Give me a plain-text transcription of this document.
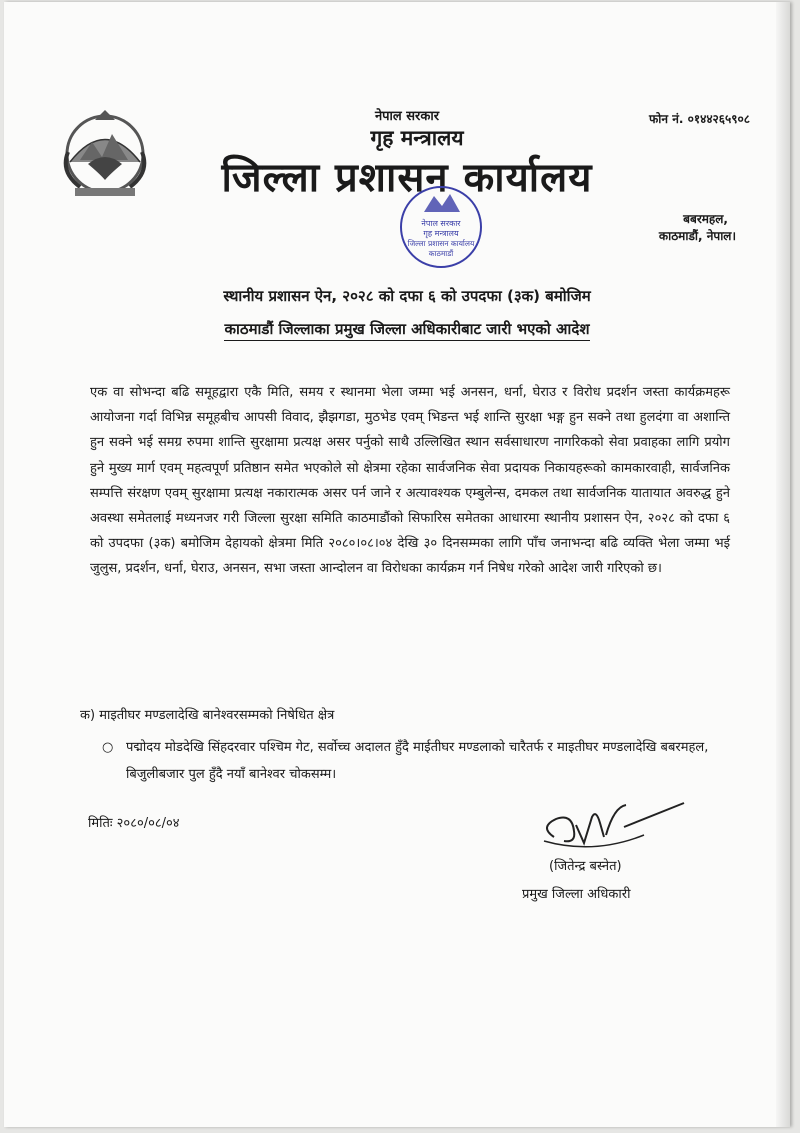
नेपाल सरकार	फोन नं. ०१४४२६५९०८
गृह मन्त्रालय
जिल्ला प्रशासन कार्यालय
बबरमहल,
काठमाडौं, नेपाल।
नेपाल सरकार
गृह मन्त्रालय
जिल्ला प्रशासन कार्यालय
काठमाडौं
स्थानीय प्रशासन ऐन, २०२८ को दफा ६ को उपदफा (३क) बमोजिम
काठमाडौं जिल्लाका प्रमुख जिल्ला अधिकारीबाट जारी भएको आदेश
एक वा सोभन्दा बढि समूहद्वारा एकै मिति, समय र स्थानमा भेला जम्मा भई अनसन, धर्ना, घेराउ र विरोध प्रदर्शन जस्ता कार्यक्रमहरू आयोजना गर्दा विभिन्न समूहबीच आपसी विवाद, झैझगडा, मुठभेड एवम् भिडन्त भई शान्ति सुरक्षा भङ्ग हुन सक्ने तथा हुलदंगा वा अशान्ति हुन सक्ने भई समग्र रुपमा शान्ति सुरक्षामा प्रत्यक्ष असर पर्नुको साथै उल्लिखित स्थान सर्वसाधारण नागरिकको सेवा प्रवाहका लागि प्रयोग हुने मुख्य मार्ग एवम् महत्वपूर्ण प्रतिष्ठान समेत भएकोले सो क्षेत्रमा रहेका सार्वजनिक सेवा प्रदायक निकायहरूको कामकारवाही, सार्वजनिक सम्पत्ति संरक्षण एवम् सुरक्षामा प्रत्यक्ष नकारात्मक असर पर्न जाने र अत्यावश्यक एम्बुलेन्स, दमकल तथा सार्वजनिक यातायात अवरुद्ध हुने अवस्था समेतलाई मध्यनजर गरी जिल्ला सुरक्षा समिति काठमाडौंको सिफारिस समेतका आधारमा स्थानीय प्रशासन ऐन, २०२८ को दफा ६ को उपदफा (३क) बमोजिम देहायको क्षेत्रमा मिति २०८०।०८।०४ देखि ३० दिनसम्मका लागि पाँच जनाभन्दा बढि व्यक्ति भेला जम्मा भई जुलुस, प्रदर्शन, धर्ना, घेराउ, अनसन, सभा जस्ता आन्दोलन वा विरोधका कार्यक्रम गर्न निषेध गरेको आदेश जारी गरिएको छ।
क) माइतीघर मण्डलादेखि बानेश्वरसम्मको निषेधित क्षेत्र
○ पद्मोदय मोडदेखि सिंहदरवार पश्चिम गेट, सर्वोच्च अदालत हुँदै माईतीघर मण्डलाको चारैतर्फ र माइतीघर मण्डलादेखि बबरमहल, बिजुलीबजार पुल हुँदै नयाँ बानेश्वर चोकसम्म।
मितिः २०८०/०८/०४
(जितेन्द्र बस्नेत)
प्रमुख जिल्ला अधिकारी
